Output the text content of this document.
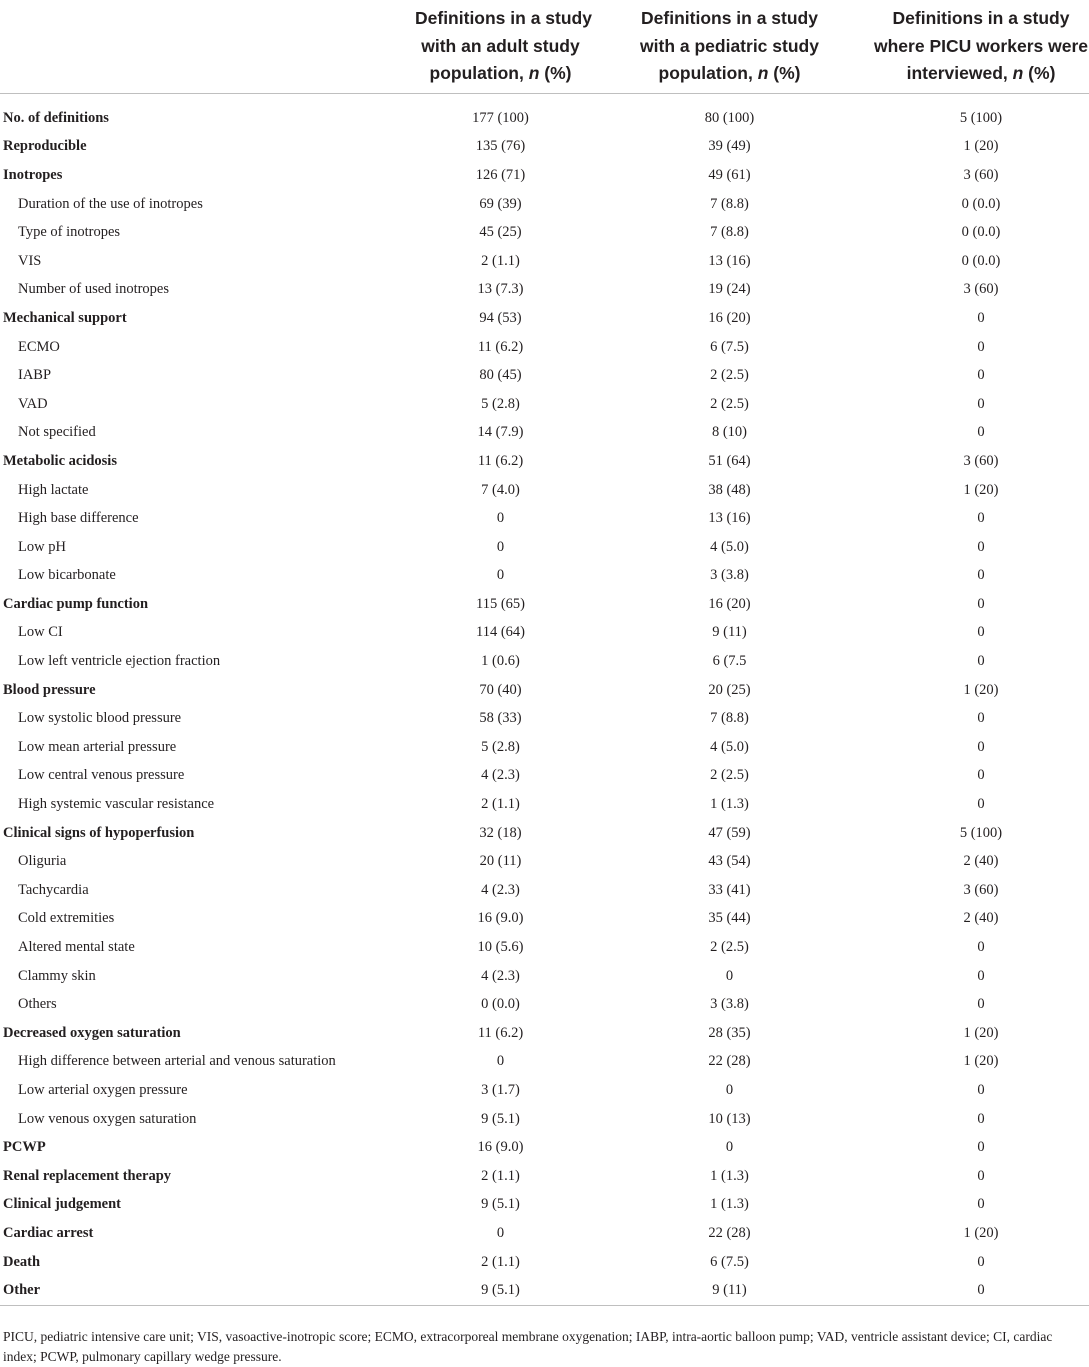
	Definitions in a study
with an adult study
population, n (%)	Definitions in a study
with a pediatric study
population, n (%)	Definitions in a study
where PICU workers were
interviewed, n (%)

No. of definitions	177 (100)	80 (100)	5 (100)
Reproducible	135 (76)	39 (49)	1 (20)
Inotropes	126 (71)	49 (61)	3 (60)
Duration of the use of inotropes	69 (39)	7 (8.8)	0 (0.0)
Type of inotropes	45 (25)	7 (8.8)	0 (0.0)
VIS	2 (1.1)	13 (16)	0 (0.0)
Number of used inotropes	13 (7.3)	19 (24)	3 (60)
Mechanical support	94 (53)	16 (20)	0
ECMO	11 (6.2)	6 (7.5)	0
IABP	80 (45)	2 (2.5)	0
VAD	5 (2.8)	2 (2.5)	0
Not specified	14 (7.9)	8 (10)	0
Metabolic acidosis	11 (6.2)	51 (64)	3 (60)
High lactate	7 (4.0)	38 (48)	1 (20)
High base difference	0	13 (16)	0
Low pH	0	4 (5.0)	0
Low bicarbonate	0	3 (3.8)	0
Cardiac pump function	115 (65)	16 (20)	0
Low CI	114 (64)	9 (11)	0
Low left ventricle ejection fraction	1 (0.6)	6 (7.5	0
Blood pressure	70 (40)	20 (25)	1 (20)
Low systolic blood pressure	58 (33)	7 (8.8)	0
Low mean arterial pressure	5 (2.8)	4 (5.0)	0
Low central venous pressure	4 (2.3)	2 (2.5)	0
High systemic vascular resistance	2 (1.1)	1 (1.3)	0
Clinical signs of hypoperfusion	32 (18)	47 (59)	5 (100)
Oliguria	20 (11)	43 (54)	2 (40)
Tachycardia	4 (2.3)	33 (41)	3 (60)
Cold extremities	16 (9.0)	35 (44)	2 (40)
Altered mental state	10 (5.6)	2 (2.5)	0
Clammy skin	4 (2.3)	0	0
Others	0 (0.0)	3 (3.8)	0
Decreased oxygen saturation	11 (6.2)	28 (35)	1 (20)
High difference between arterial and venous saturation	0	22 (28)	1 (20)
Low arterial oxygen pressure	3 (1.7)	0	0
Low venous oxygen saturation	9 (5.1)	10 (13)	0
PCWP	16 (9.0)	0	0
Renal replacement therapy	2 (1.1)	1 (1.3)	0
Clinical judgement	9 (5.1)	1 (1.3)	0
Cardiac arrest	0	22 (28)	1 (20)
Death	2 (1.1)	6 (7.5)	0
Other	9 (5.1)	9 (11)	0
PICU, pediatric intensive care unit; VIS, vasoactive-inotropic score; ECMO, extracorporeal membrane oxygenation; IABP, intra-aortic balloon pump; VAD, ventricle assistant device; CI, cardiac index; PCWP, pulmonary capillary wedge pressure.
